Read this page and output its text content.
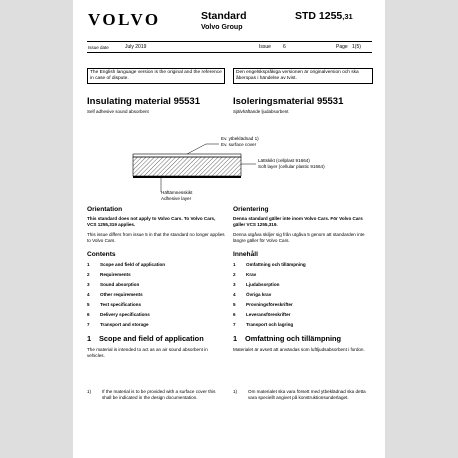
VOLVO	Standard
Volvo Group
STD 1255,31
Issue date	July 2019	Issue 6	Page 1(5)
The English language version is the original and the reference in case of dispute.
Den engelskspråkiga versionen är originalversion och ska åberopas i händelse av tvist.
Insulating material 95531
Self adhesive sound absorbent
Isoleringsmaterial 95531
Självhäftande ljudabsorbent
Ev. ytbeklädnad 1)
Ev. surface cover
Lättskikt (cellplast 91664)
Soft layer (cellular plastic 91664)
Häftämnesskikt
Adhesive layer
Orientation
This standard does not apply to Volvo Cars. To Volvo Cars, VCS 1255,319 applies.
This issue differs from issue 5 in that the standard no longer applies to Volvo Cars.
Orientering
Denna standard gäller inte inom Volvo Cars. För Volvo Cars gäller VCS 1255,319.
Denna utgåva skiljer sig från utgåva 5 genom att standarden inte längre gäller för Volvo Cars.
Contents	Innehåll
1 Scope and field of application
2 Requirements
3 Sound absorption
4 Other requirements
5 Test specifications
6 Delivery specifications
7 Transport and storage
1 Omfattning och tillämpning
2 Krav
3 Ljudabsorption
4 Övriga krav
5 Provningsföreskrifter
6 Leveransföreskrifter
7 Transport och lagring
1 Scope and field of application
The material is intended to act as an air sound absorbent in vehicles.
1 Omfattning och tillämpning
Materialet är avsett att användas som luftljudsabsorbent i fordon.
1) If the material is to be provided with a surface cover this shall be indicated in the design documentation.
1) Om materialet ska vara försett med ytbeklädnad ska detta vara speciellt angivet på konstruktionsunderlaget.
